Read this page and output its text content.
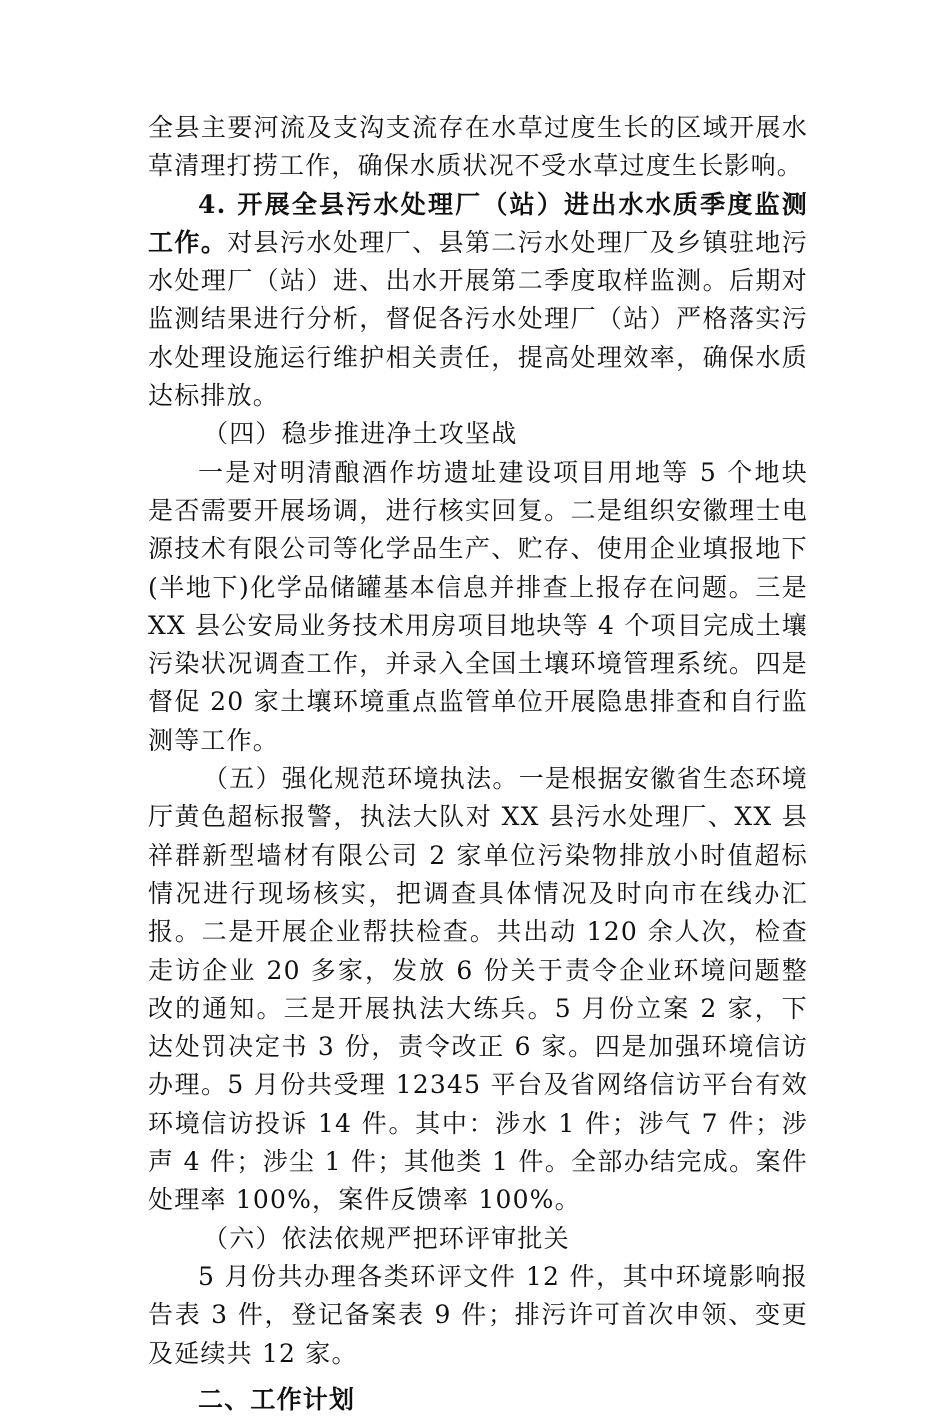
全县主要河流及支沟支流存在水草过度生长的区域开展水草清理打捞工作，确保水质状况不受水草过度生长影响。

4. 开展全县污水处理厂（站）进出水水质季度监测工作。对县污水处理厂、县第二污水处理厂及乡镇驻地污水处理厂（站）进、出水开展第二季度取样监测。后期对监测结果进行分析，督促各污水处理厂（站）严格落实污水处理设施运行维护相关责任，提高处理效率，确保水质达标排放。

（四）稳步推进净土攻坚战

一是对明清酿酒作坊遗址建设项目用地等 5 个地块是否需要开展场调，进行核实回复。二是组织安徽理士电源技术有限公司等化学品生产、贮存、使用企业填报地下(半地下)化学品储罐基本信息并排查上报存在问题。三是 XX 县公安局业务技术用房项目地块等 4 个项目完成土壤污染状况调查工作，并录入全国土壤环境管理系统。四是督促 20 家土壤环境重点监管单位开展隐患排查和自行监测等工作。

（五）强化规范环境执法。一是根据安徽省生态环境厅黄色超标报警，执法大队对 XX 县污水处理厂、XX 县祥群新型墙材有限公司 2 家单位污染物排放小时值超标情况进行现场核实，把调查具体情况及时向市在线办汇报。二是开展企业帮扶检查。共出动 120 余人次，检查走访企业 20 多家，发放 6 份关于责令企业环境问题整改的通知。三是开展执法大练兵。5 月份立案 2 家，下达处罚决定书 3 份，责令改正 6 家。四是加强环境信访办理。5 月份共受理 12345 平台及省网络信访平台有效环境信访投诉 14 件。其中：涉水 1 件；涉气 7 件；涉声 4 件；涉尘 1 件；其他类 1 件。全部办结完成。案件处理率 100%，案件反馈率 100%。

（六）依法依规严把环评审批关

5 月份共办理各类环评文件 12 件，其中环境影响报告表 3 件，登记备案表 9 件；排污许可首次申领、变更及延续共 12 家。

二、工作计划
